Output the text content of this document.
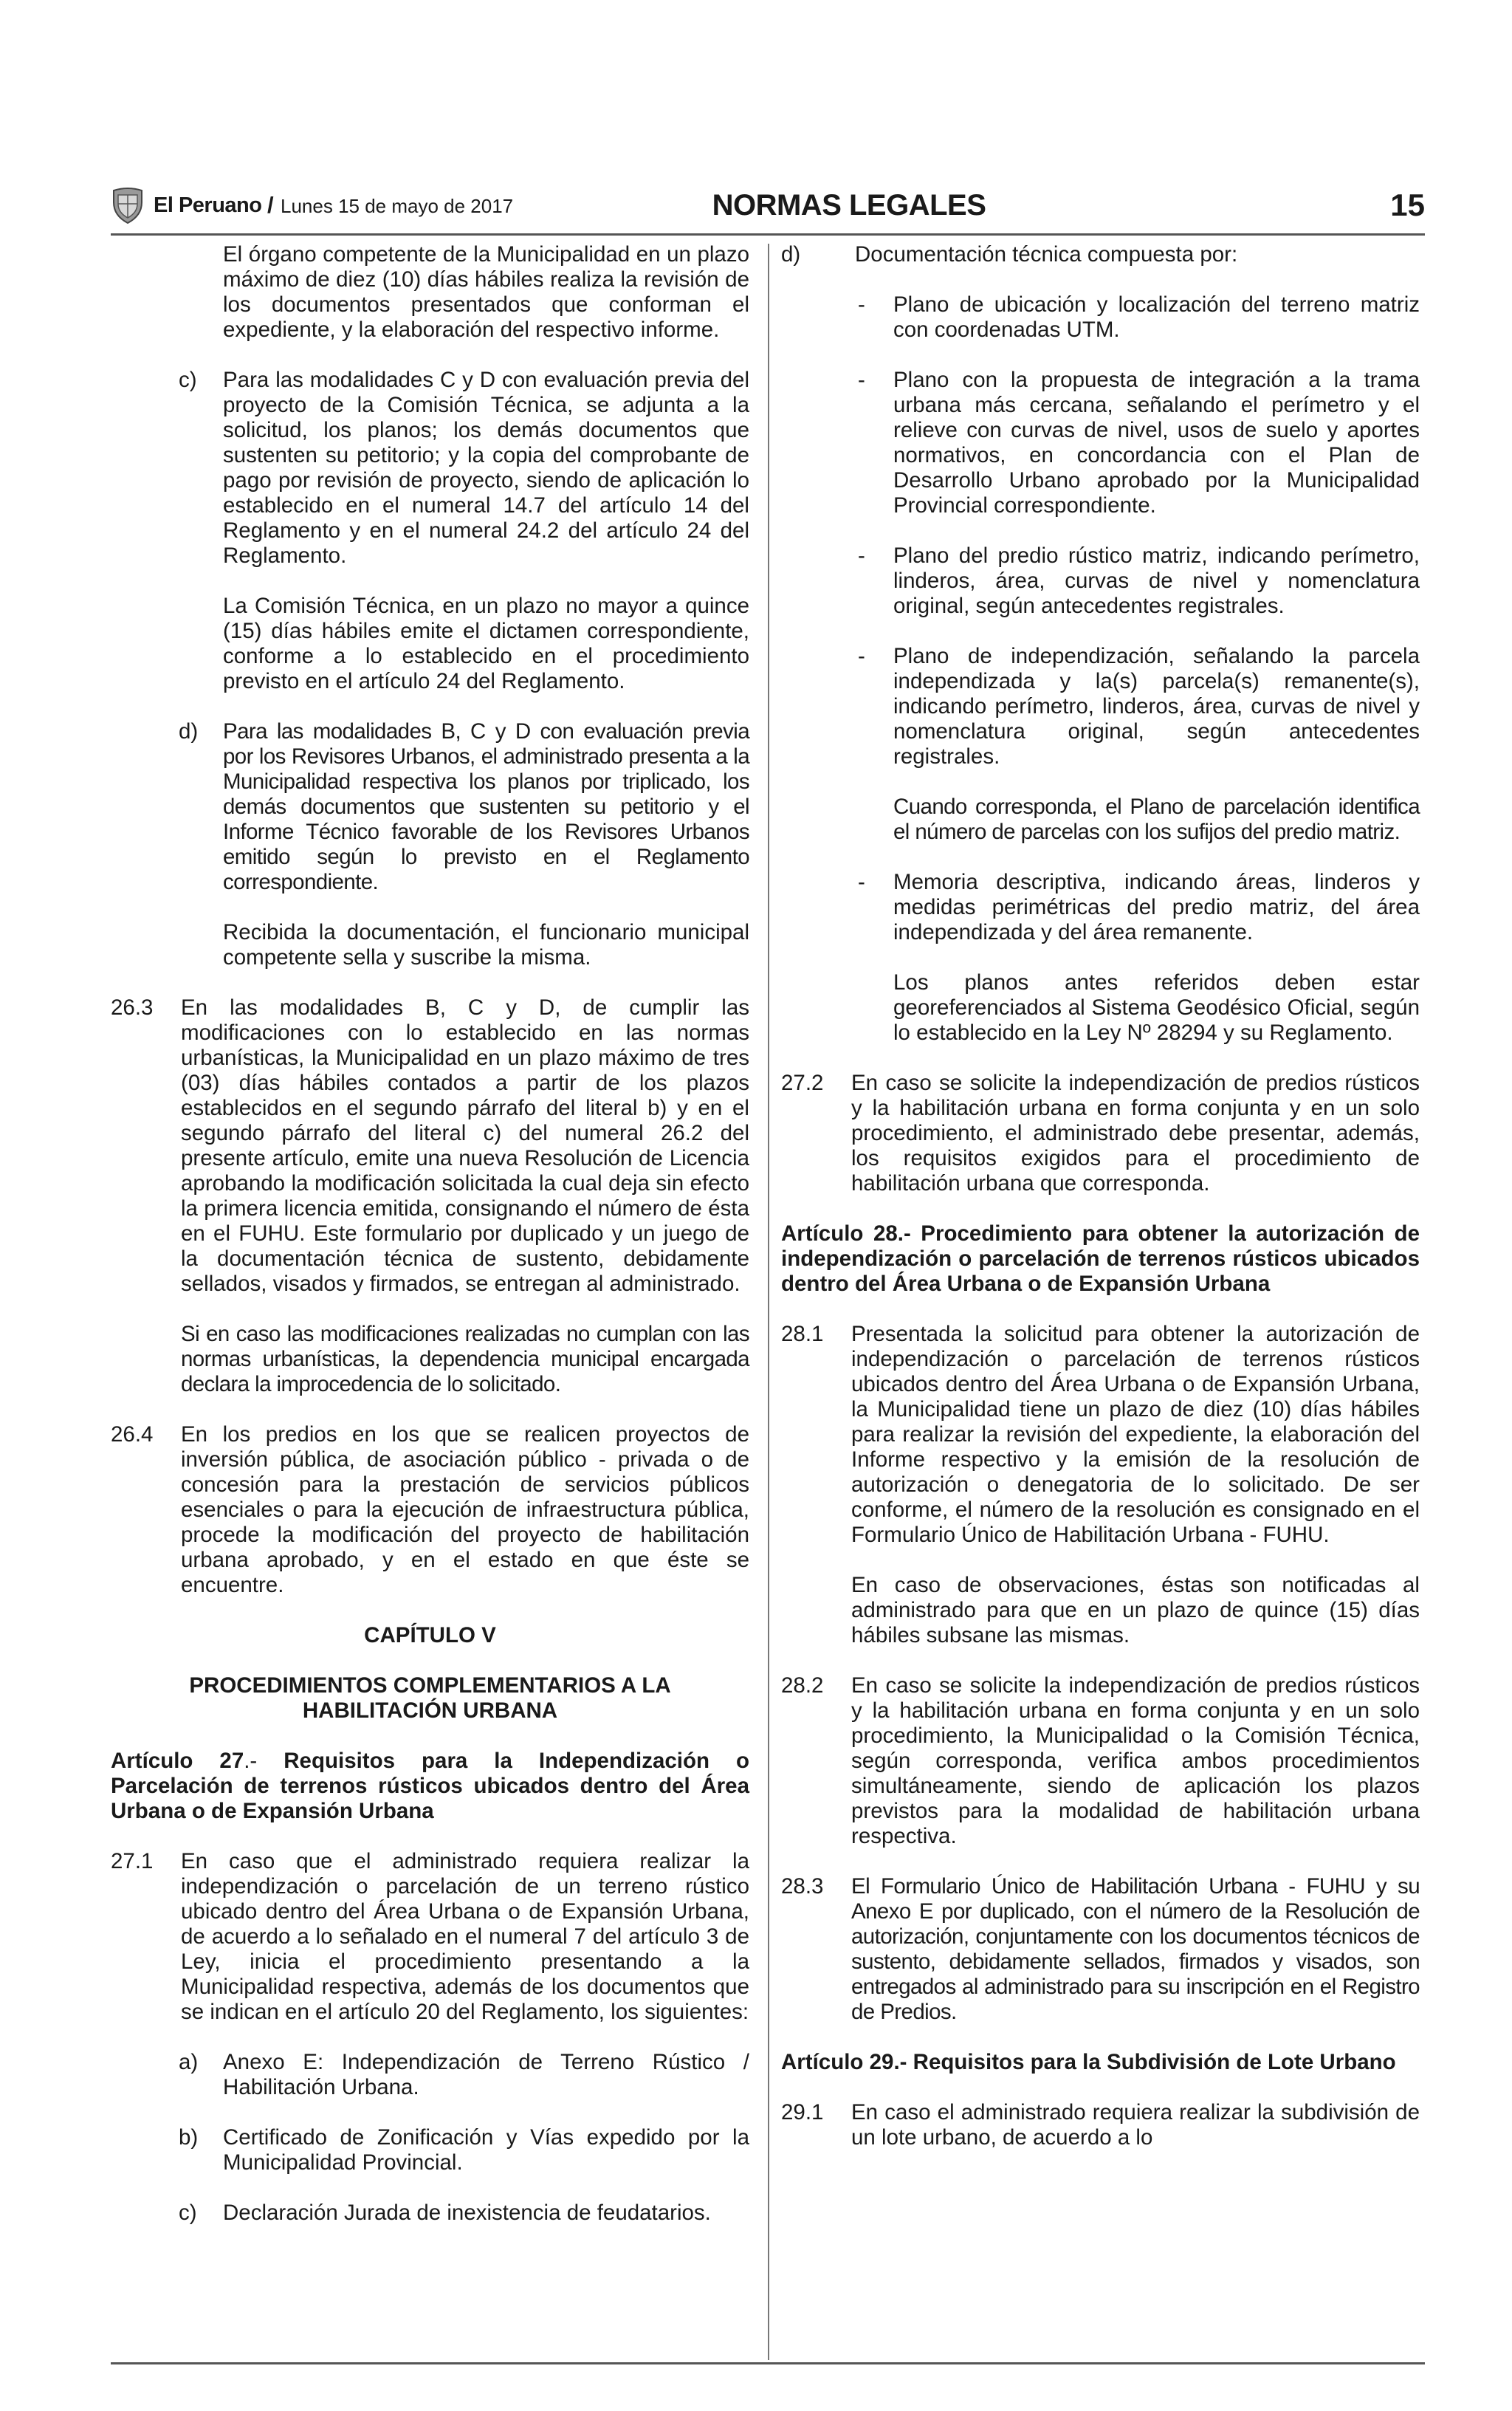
El Peruano / Lunes 15 de mayo de 2017	NORMAS LEGALES	15

El órgano competente de la Municipalidad en un plazo máximo de diez (10) días hábiles realiza la revisión de los documentos presentados que conforman el expediente, y la elaboración del respectivo informe.

c) Para las modalidades C y D con evaluación previa del proyecto de la Comisión Técnica, se adjunta a la solicitud, los planos; los demás documentos que sustenten su petitorio; y la copia del comprobante de pago por revisión de proyecto, siendo de aplicación lo establecido en el numeral 14.7 del artículo 14 del Reglamento y en el numeral 24.2 del artículo 24 del Reglamento.

La Comisión Técnica, en un plazo no mayor a quince (15) días hábiles emite el dictamen correspondiente, conforme a lo establecido en el procedimiento previsto en el artículo 24 del Reglamento.

d) Para las modalidades B, C y D con evaluación previa por los Revisores Urbanos, el administrado presenta a la Municipalidad respectiva los planos por triplicado, los demás documentos que sustenten su petitorio y el Informe Técnico favorable de los Revisores Urbanos emitido según lo previsto en el Reglamento correspondiente.

Recibida la documentación, el funcionario municipal competente sella y suscribe la misma.

26.3 En las modalidades B, C y D, de cumplir las modificaciones con lo establecido en las normas urbanísticas, la Municipalidad en un plazo máximo de tres (03) días hábiles contados a partir de los plazos establecidos en el segundo párrafo del literal b) y en el segundo párrafo del literal c) del numeral 26.2 del presente artículo, emite una nueva Resolución de Licencia aprobando la modificación solicitada la cual deja sin efecto la primera licencia emitida, consignando el número de ésta en el FUHU. Este formulario por duplicado y un juego de la documentación técnica de sustento, debidamente sellados, visados y firmados, se entregan al administrado.

Si en caso las modificaciones realizadas no cumplan con las normas urbanísticas, la dependencia municipal encargada declara la improcedencia de lo solicitado.

26.4 En los predios en los que se realicen proyectos de inversión pública, de asociación público - privada o de concesión para la prestación de servicios públicos esenciales o para la ejecución de infraestructura pública, procede la modificación del proyecto de habilitación urbana aprobado, y en el estado en que éste se encuentre.

CAPÍTULO V

PROCEDIMIENTOS COMPLEMENTARIOS A LA HABILITACIÓN URBANA

Artículo 27.- Requisitos para la Independización o Parcelación de terrenos rústicos ubicados dentro del Área Urbana o de Expansión Urbana

27.1 En caso que el administrado requiera realizar la independización o parcelación de un terreno rústico ubicado dentro del Área Urbana o de Expansión Urbana, de acuerdo a lo señalado en el numeral 7 del artículo 3 de Ley, inicia el procedimiento presentando a la Municipalidad respectiva, además de los documentos que se indican en el artículo 20 del Reglamento, los siguientes:
a) Anexo E: Independización de Terreno Rústico / Habilitación Urbana.
b) Certificado de Zonificación y Vías expedido por la Municipalidad Provincial.
c) Declaración Jurada de inexistencia de feudatarios.
d)	Documentación técnica compuesta por:
- Plano de ubicación y localización del terreno matriz con coordenadas UTM.
- Plano con la propuesta de integración a la trama urbana más cercana, señalando el perímetro y el relieve con curvas de nivel, usos de suelo y aportes normativos, en concordancia con el Plan de Desarrollo Urbano aprobado por la Municipalidad Provincial correspondiente.
- Plano del predio rústico matriz, indicando perímetro, linderos, área, curvas de nivel y nomenclatura original, según antecedentes registrales.
- Plano de independización, señalando la parcela independizada y la(s) parcela(s) remanente(s), indicando perímetro, linderos, área, curvas de nivel y nomenclatura original, según antecedentes registrales.

Cuando corresponda, el Plano de parcelación identifica el número de parcelas con los sufijos del predio matriz.

- Memoria descriptiva, indicando áreas, linderos y medidas perimétricas del predio matriz, del área independizada y del área remanente.

Los planos antes referidos deben estar georeferenciados al Sistema Geodésico Oficial, según lo establecido en la Ley Nº 28294 y su Reglamento.

27.2 En caso se solicite la independización de predios rústicos y la habilitación urbana en forma conjunta y en un solo procedimiento, el administrado debe presentar, además, los requisitos exigidos para el procedimiento de habilitación urbana que corresponda.

Artículo 28.- Procedimiento para obtener la autorización de independización o parcelación de terrenos rústicos ubicados dentro del Área Urbana o de Expansión Urbana

28.1 Presentada la solicitud para obtener la autorización de independización o parcelación de terrenos rústicos ubicados dentro del Área Urbana o de Expansión Urbana, la Municipalidad tiene un plazo de diez (10) días hábiles para realizar la revisión del expediente, la elaboración del Informe respectivo y la emisión de la resolución de autorización o denegatoria de lo solicitado. De ser conforme, el número de la resolución es consignado en el Formulario Único de Habilitación Urbana - FUHU.

En caso de observaciones, éstas son notificadas al administrado para que en un plazo de quince (15) días hábiles subsane las mismas.

28.2 En caso se solicite la independización de predios rústicos y la habilitación urbana en forma conjunta y en un solo procedimiento, la Municipalidad o la Comisión Técnica, según corresponda, verifica ambos procedimientos simultáneamente, siendo de aplicación los plazos previstos para la modalidad de habilitación urbana respectiva.
28.3 El Formulario Único de Habilitación Urbana - FUHU y su Anexo E por duplicado, con el número de la Resolución de autorización, conjuntamente con los documentos técnicos de sustento, debidamente sellados, firmados y visados, son entregados al administrado para su inscripción en el Registro de Predios.

Artículo 29.- Requisitos para la Subdivisión de Lote Urbano

29.1 En caso el administrado requiera realizar la subdivisión de un lote urbano, de acuerdo a lo
